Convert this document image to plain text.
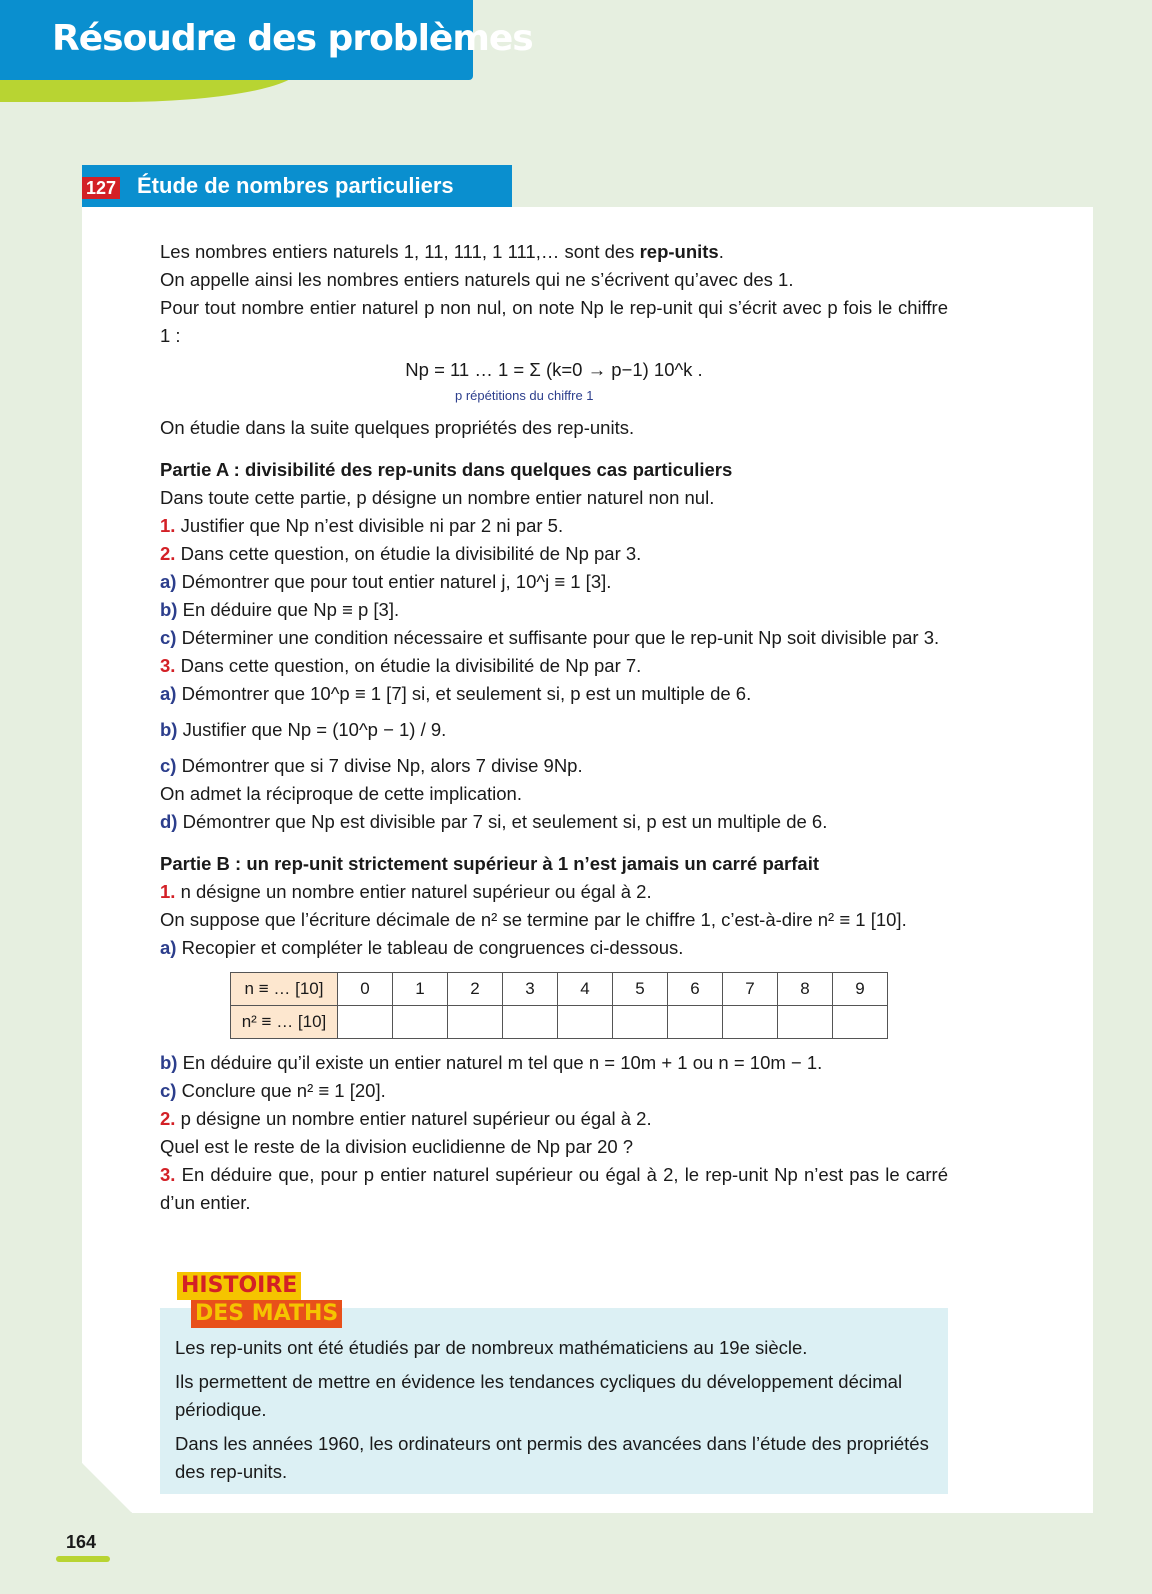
Résoudre des problèmes
127 Étude de nombres particuliers

Les nombres entiers naturels 1, 11, 111, 1 111,… sont des rep-units.

On appelle ainsi les nombres entiers naturels qui ne s’écrivent qu’avec des 1.

Pour tout nombre entier naturel p non nul, on note Np le rep-unit qui s’écrit avec p fois le chiffre 1 :

Np = 11 … 1 = Σ (k=0 → p−1) 10^k .
p répétitions du chiffre 1

On étudie dans la suite quelques propriétés des rep-units.

Partie A : divisibilité des rep-units dans quelques cas particuliers

Dans toute cette partie, p désigne un nombre entier naturel non nul.

1. Justifier que Np n’est divisible ni par 2 ni par 5.

2. Dans cette question, on étudie la divisibilité de Np par 3.

a) Démontrer que pour tout entier naturel j, 10^j ≡ 1 [3].

b) En déduire que Np ≡ p [3].

c) Déterminer une condition nécessaire et suffisante pour que le rep-unit Np soit divisible par 3.

3. Dans cette question, on étudie la divisibilité de Np par 7.

a) Démontrer que 10^p ≡ 1 [7] si, et seulement si, p est un multiple de 6.

b) Justifier que Np = (10^p − 1) / 9.

c) Démontrer que si 7 divise Np, alors 7 divise 9Np.

On admet la réciproque de cette implication.

d) Démontrer que Np est divisible par 7 si, et seulement si, p est un multiple de 6.

Partie B : un rep-unit strictement supérieur à 1 n’est jamais un carré parfait

1. n désigne un nombre entier naturel supérieur ou égal à 2.

On suppose que l’écriture décimale de n² se termine par le chiffre 1, c’est-à-dire n² ≡ 1 [10].

a) Recopier et compléter le tableau de congruences ci-dessous.

n ≡ … [10]	0	1	2	3	4	5	6	7	8	9
n² ≡ … [10]										

b) En déduire qu’il existe un entier naturel m tel que n = 10m + 1 ou n = 10m − 1.

c) Conclure que n² ≡ 1 [20].

2. p désigne un nombre entier naturel supérieur ou égal à 2.

Quel est le reste de la division euclidienne de Np par 20 ?

3. En déduire que, pour p entier naturel supérieur ou égal à 2, le rep-unit Np n’est pas le carré d’un entier.

HISTOIRE
DES MATHS

Les rep-units ont été étudiés par de nombreux mathématiciens au 19e siècle.

Ils permettent de mettre en évidence les tendances cycliques du développement décimal périodique.

Dans les années 1960, les ordinateurs ont permis des avancées dans l’étude des propriétés des rep-units.

164
